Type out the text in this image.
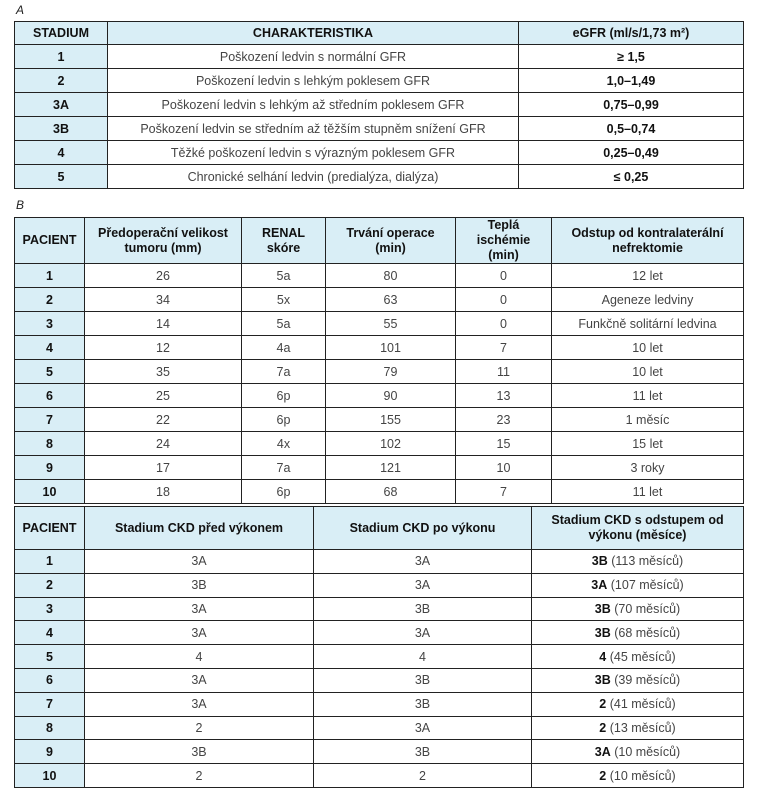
A
STADIUM	CHARAKTERISTIKA	eGFR (ml/s/1,73 m²)
1	Poškození ledvin s normální GFR	≥ 1,5
2	Poškození ledvin s lehkým poklesem GFR	1,0–1,49
3A	Poškození ledvin s lehkým až středním poklesem GFR	0,75–0,99
3B	Poškození ledvin se středním až těžším stupněm snížení GFR	0,5–0,74
4	Těžké poškození ledvin s výrazným poklesem GFR	0,25–0,49
5	Chronické selhání ledvin (predialýza, dialýza)	≤ 0,25
B
PACIENT	Předoperační velikost tumoru (mm)	RENAL skóre	Trvání operace (min)	Teplá ischémie (min)	Odstup od kontralaterální nefrektomie
1	26	5a	80	0	12 let
2	34	5x	63	0	Ageneze ledviny
3	14	5a	55	0	Funkčně solitární ledvina
4	12	4a	101	7	10 let
5	35	7a	79	11	10 let
6	25	6p	90	13	11 let
7	22	6p	155	23	1 měsíc
8	24	4x	102	15	15 let
9	17	7a	121	10	3 roky
10	18	6p	68	7	11 let
PACIENT	Stadium CKD před výkonem	Stadium CKD po výkonu	Stadium CKD s odstupem od výkonu (měsíce)
1	3A	3A	3B (113 měsíců)
2	3B	3A	3A (107 měsíců)
3	3A	3B	3B (70 měsíců)
4	3A	3A	3B (68 měsíců)
5	4	4	4 (45 měsíců)
6	3A	3B	3B (39 měsíců)
7	3A	3B	2 (41 měsíců)
8	2	3A	2 (13 měsíců)
9	3B	3B	3A (10 měsíců)
10	2	2	2 (10 měsíců)
